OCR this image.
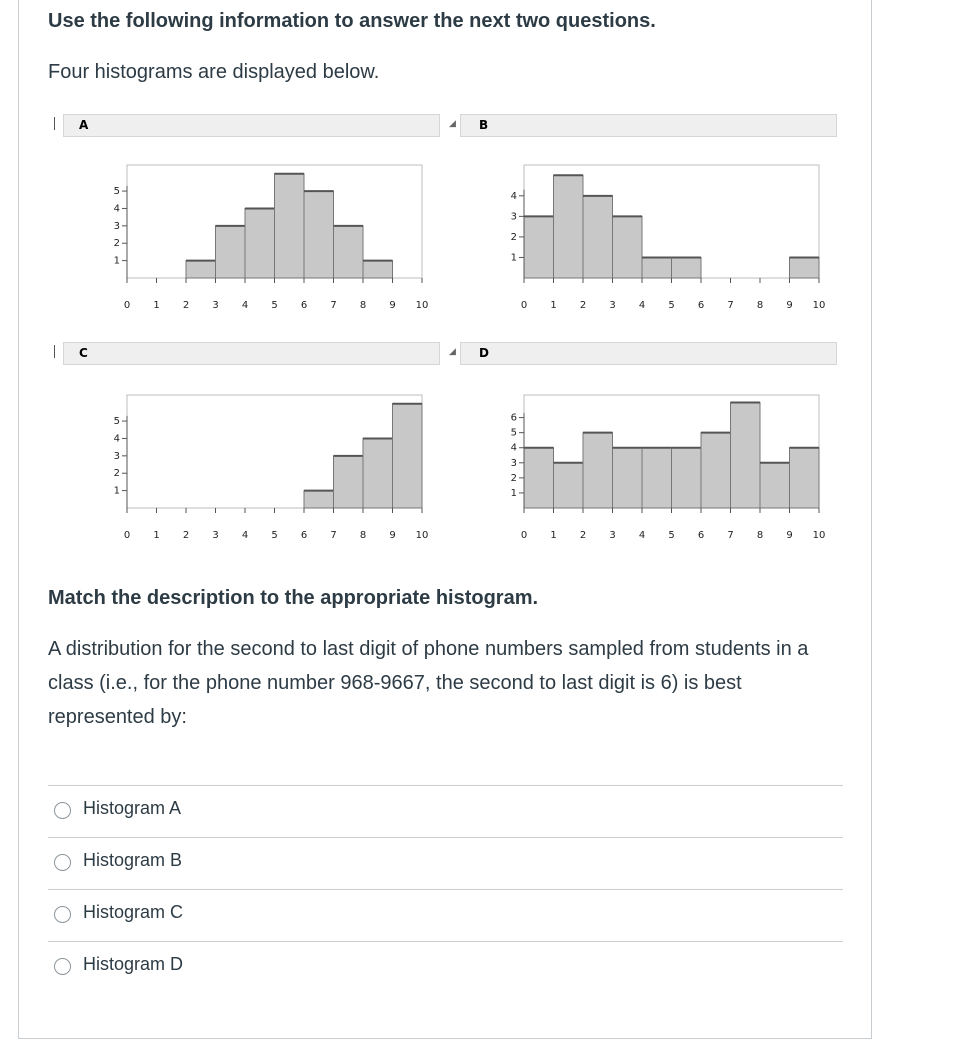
Use the following information to answer the next two questions.

Four histograms are displayed below.

A	◢ B
C	◢ D
1
2
3
4
5
0 1 2 3 4 5 6 7 8 9 10
1
2
3
4
0 1 2 3 4 5 6 7 8 9 10
1
2
3
4
5
0 1 2 3 4 5 6 7 8 9 10
1
2
3
4
5
6
0 1 2 3 4 5 6 7 8 9 10

Match the description to the appropriate histogram.

A distribution for the second to last digit of phone numbers sampled from students in a class (i.e., for the phone number 968-9667, the second to last digit is 6) is best represented by:

Histogram A
Histogram B
Histogram C
Histogram D
